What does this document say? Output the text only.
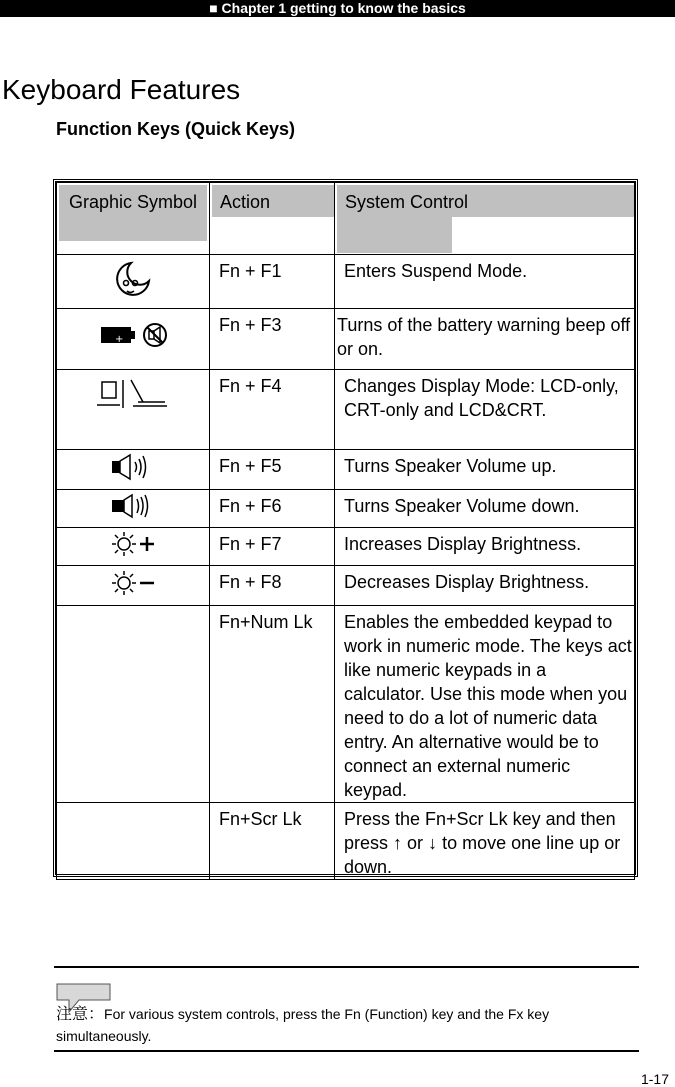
■ Chapter 1 getting to know the basics
Keyboard Features
Function Keys (Quick Keys)
Graphic Symbol	Action	System Control

Fn + F1	Enters Suspend Mode.

+	Fn + F3	Turns of the battery warning beep off or on.

Fn + F4	Changes Display Mode: LCD-only, CRT-only and LCD&CRT.

Fn + F5	Turns Speaker Volume up.

Fn + F6	Turns Speaker Volume down.

Fn + F7	Increases Display Brightness.

Fn + F8	Decreases Display Brightness.

	Fn+Num Lk	Enables the embedded keypad to work in numeric mode. The keys act like numeric keypads in a calculator. Use this mode when you need to do a lot of numeric data entry. An alternative would be to connect an external numeric keypad.

	Fn+Scr Lk	Press the Fn+Scr Lk key and then press ↑ or ↓ to move one line up or down.
注意：For various system controls, press the Fn (Function) key and the Fx key simultaneously.
1-17
